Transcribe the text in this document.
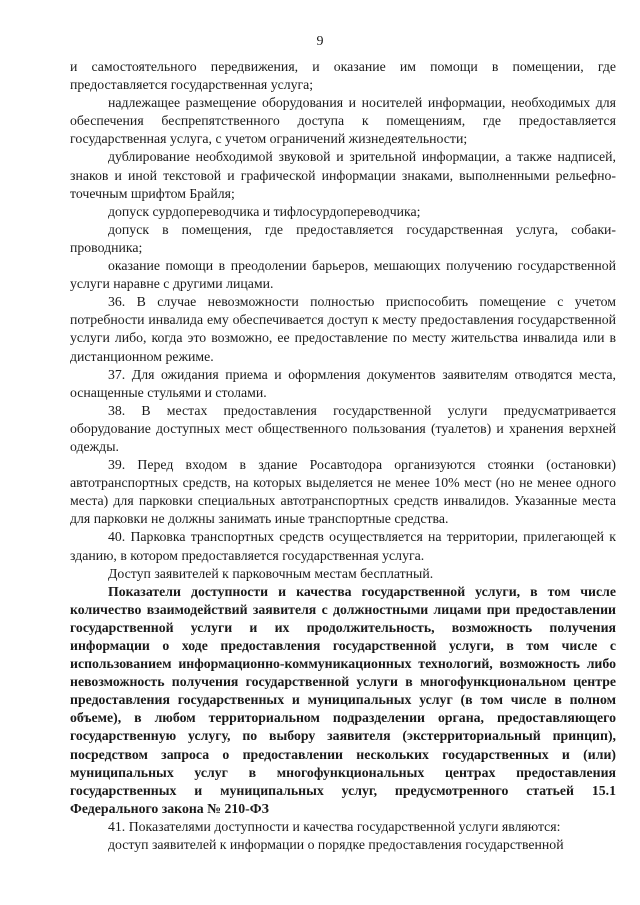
9

и самостоятельного передвижения, и оказание им помощи в помещении, где предоставляется государственная услуга;

надлежащее размещение оборудования и носителей информации, необходимых для обеспечения беспрепятственного доступа к помещениям, где предоставляется государственная услуга, с учетом ограничений жизнедеятельности;

дублирование необходимой звуковой и зрительной информации, а также надписей, знаков и иной текстовой и графической информации знаками, выполненными рельефно-точечным шрифтом Брайля;

допуск сурдопереводчика и тифлосурдопереводчика;

допуск в помещения, где предоставляется государственная услуга, собаки-проводника;

оказание помощи в преодолении барьеров, мешающих получению государственной услуги наравне с другими лицами.

36. В случае невозможности полностью приспособить помещение с учетом потребности инвалида ему обеспечивается доступ к месту предоставления государственной услуги либо, когда это возможно, ее предоставление по месту жительства инвалида или в дистанционном режиме.

37. Для ожидания приема и оформления документов заявителям отводятся места, оснащенные стульями и столами.

38. В местах предоставления государственной услуги предусматривается оборудование доступных мест общественного пользования (туалетов) и хранения верхней одежды.

39. Перед входом в здание Росавтодора организуются стоянки (остановки) автотранспортных средств, на которых выделяется не менее 10% мест (но не менее одного места) для парковки специальных автотранспортных средств инвалидов. Указанные места для парковки не должны занимать иные транспортные средства.

40. Парковка транспортных средств осуществляется на территории, прилегающей к зданию, в котором предоставляется государственная услуга.

Доступ заявителей к парковочным местам бесплатный.

Показатели доступности и качества государственной услуги, в том числе количество взаимодействий заявителя с должностными лицами при предоставлении государственной услуги и их продолжительность, возможность получения информации о ходе предоставления государственной услуги, в том числе с использованием информационно-коммуникационных технологий, возможность либо невозможность получения государственной услуги в многофункциональном центре предоставления государственных и муниципальных услуг (в том числе в полном объеме), в любом территориальном подразделении органа, предоставляющего государственную услугу, по выбору заявителя (экстерриториальный принцип), посредством запроса о предоставлении нескольких государственных и (или) муниципальных услуг в многофункциональных центрах предоставления государственных и муниципальных услуг, предусмотренного статьей 15.1 Федерального закона № 210-ФЗ

41. Показателями доступности и качества государственной услуги являются:

доступ заявителей к информации о порядке предоставления государственной
